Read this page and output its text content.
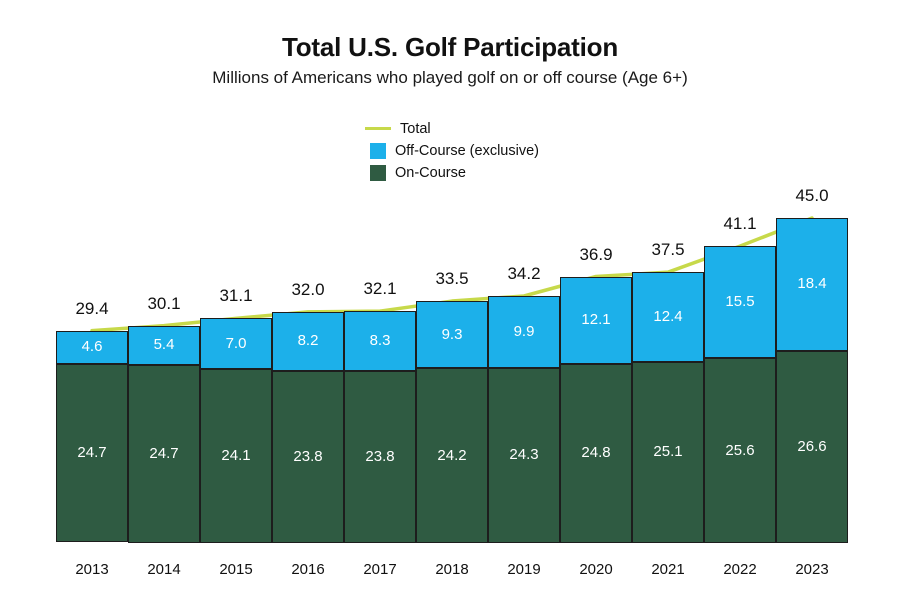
Total U.S. Golf Participation
Millions of Americans who played golf on or off course (Age 6+)
Total
Off-Course (exclusive)
On-Course
4.6
24.7
29.4
5.4
24.7
30.1
7.0
24.1
31.1
8.2
23.8
32.0
8.3
23.8
32.1
9.3
24.2
33.5
9.9
24.3
34.2
12.1
24.8
36.9
12.4
25.1
37.5
15.5
25.6
41.1
18.4
26.6
45.0
2013	2014	2015	2016	2017	2018	2019	2020	2021	2022	2023
